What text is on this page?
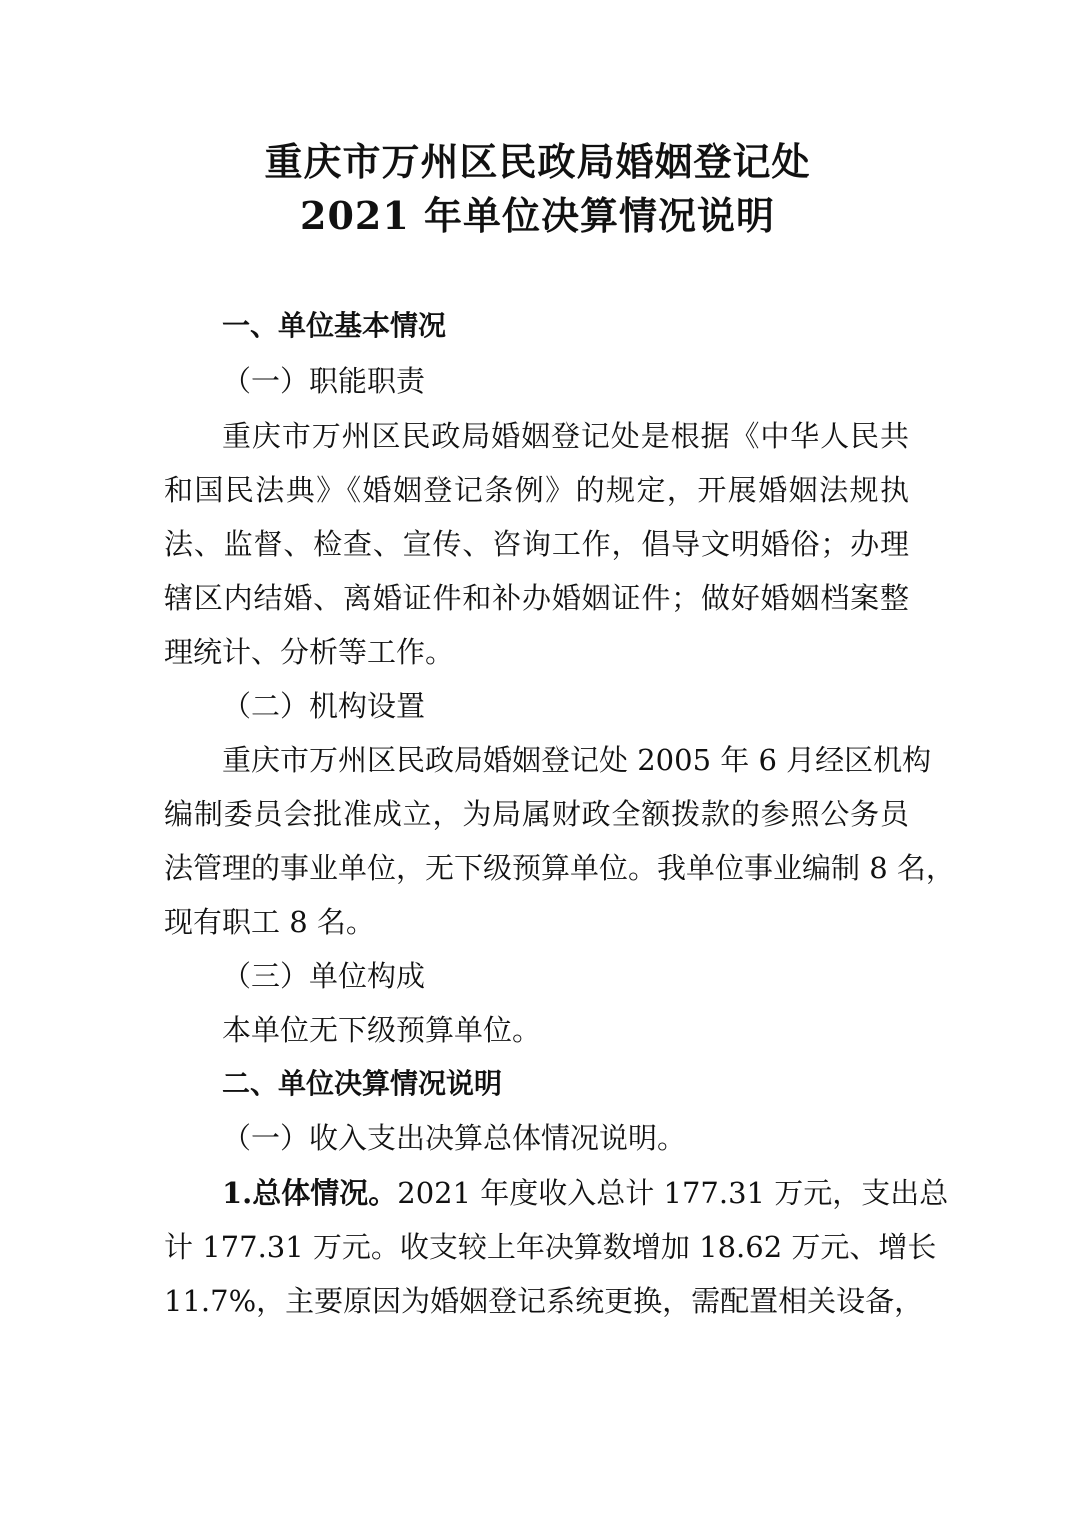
重庆市万州区民政局婚姻登记处
2021 年单位决算情况说明
一、单位基本情况
（一）职能职责
重庆市万州区民政局婚姻登记处是根据《中华人民共
和国民法典》《婚姻登记条例》的规定，开展婚姻法规执
法、监督、检查、宣传、咨询工作，倡导文明婚俗；办理
辖区内结婚、离婚证件和补办婚姻证件；做好婚姻档案整
理统计、分析等工作。
（二）机构设置
重庆市万州区民政局婚姻登记处 2005 年 6 月经区机构
编制委员会批准成立，为局属财政全额拨款的参照公务员
法管理的事业单位，无下级预算单位。我单位事业编制 8 名，
现有职工 8 名。
（三）单位构成
本单位无下级预算单位。
二、单位决算情况说明
（一）收入支出决算总体情况说明。
1.总体情况。2021 年度收入总计 177.31 万元，支出总
计 177.31 万元。收支较上年决算数增加 18.62 万元、增长
11.7%，主要原因为婚姻登记系统更换，需配置相关设备，
